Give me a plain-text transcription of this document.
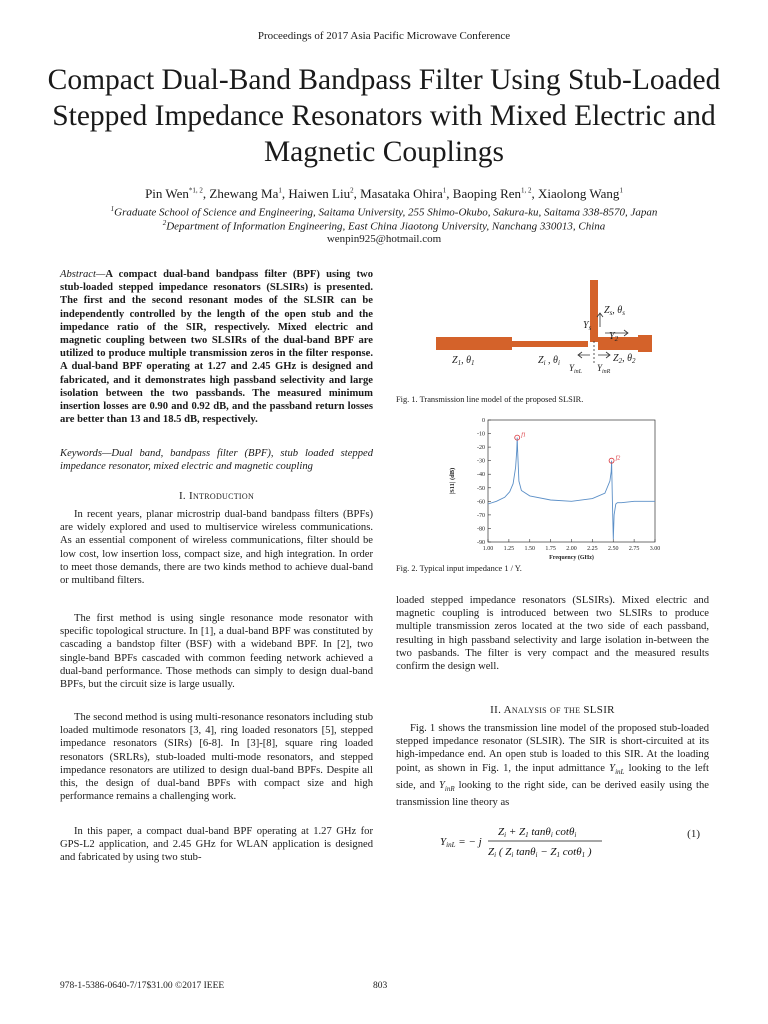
Proceedings of 2017 Asia Pacific Microwave Conference
Compact Dual-Band Bandpass Filter Using Stub-Loaded Stepped Impedance Resonators with Mixed Electric and Magnetic Couplings
Pin Wen$^{*1, 2}$, Zhewang Ma$^1$, Haiwen Liu$^2$, Masataka Ohira$^1$, Baoping Ren$^{1, 2}$, Xiaolong Wang$^1$
$^1$Graduate School of Science and Engineering, Saitama University, 255 Shimo-Okubo, Sakura-ku, Saitama 338-8570, Japan
$^2$Department of Information Engineering, East China Jiaotong University, Nanchang 330013, China
wenpin925@hotmail.com

Abstract—A compact dual-band bandpass filter (BPF) using two stub-loaded stepped impedance resonators (SLSIRs) is presented. The first and the second resonant modes of the SLSIR can be independently controlled by the length of the open stub and the impedance ratio of the SIR, respectively. Mixed electric and magnetic coupling between two SLSIRs of the dual-band BPF are utilized to produce multiple transmission zeros in the filter response. A dual-band BPF operating at 1.27 and 2.45 GHz is designed and fabricated, and it demonstrates high passband selectivity and large isolation between the two passbands. The measured minimum insertion losses are 0.90 and 0.92 dB, and the passband return losses are better than 13 and 18.5 dB, respectively.

Keywords—Dual band, bandpass filter (BPF), stub loaded stepped impedance resonator, mixed electric and magnetic coupling

I. Introduction

In recent years, planar microstrip dual-band bandpass filters (BPFs) are widely explored and used to multiservice wireless communications. As an essential component of wireless communications, filter should be low cost, low insertion loss, compact size, and high integration. In order to meet those demands, there are two kinds method to achieve dual-band or multiband filters.

The first method is using single resonance mode resonator with specific topological structure. In [1], a dual-band BPF was constituted by cascading a bandstop filter (BSF) with a wideband BPF. In [2], two single-band BPFs cascaded with common feeding network achieved a dual-band performance. Those methods can simply to design dual-band BPFs, but the circuit size is large usually.

The second method is using multi-resonance resonators including stub loaded multimode resonators [3, 4], ring loaded resonators [5], stepped impedance resonators (SIRs) [6-8]. In [3]-[8], square ring loaded resonators (SRLRs), stub-loaded multi-mode resonators, and stepped impedance resonators are utilized to design dual-band BPFs. Despite all this, the design of dual-band BPFs with compact size and high performance remains a challenging work.

In this paper, a compact dual-band BPF operating at 1.27 GHz for GPS-L2 application, and 2.45 GHz for WLAN application is designed and fabricated by using two stub-

$Z_1$, $\theta_1$	$Z_i$ , $\theta_i$	$Z_2$, $\theta_2$
$Z_s$, $\theta_s$
$Y_s$
$Y_2$
$Y_{inL}$ $Y_{inR}$
Fig. 1. Transmission line model of the proposed SLSIR.
0
-10
-20
-30
-40
-50
-60
-70
-80
-90
1.00 1.25 1.50 1.75 2.00 2.25 2.50 2.75 3.00
Frequency (GHz)
|S11| (dB)
f1
f2
Fig. 2. Typical input impedance 1 / Y.

loaded stepped impedance resonators (SLSIRs). Mixed electric and magnetic coupling is introduced between two SLSIRs to produce multiple transmission zeros located at the two side of each passband, resulting in high passband selectivity and large isolation in-between the two pasbands. The filter is very compact and the measured results confirm the design well.

II. Analysis of the SLSIR

Fig. 1 shows the transmission line model of the proposed stub-loaded stepped impedance resonator (SLSIR). The SIR is short-circuited at its high-impedance end. An open stub is loaded to this SIR. At the loading point, as shown in Fig. 1, the input admittance $Y_{inL}$ looking to the left side, and $Y_{inR}$ looking to the right side, can be derived easily using the transmission line theory as

YinL = − j
Zi + Z1 tanθi cotθi
Zi ( Zi tanθi − Z1 cotθ1 )
(1)
978-1-5386-0640-7/17$31.00 ©2017 IEEE	803
